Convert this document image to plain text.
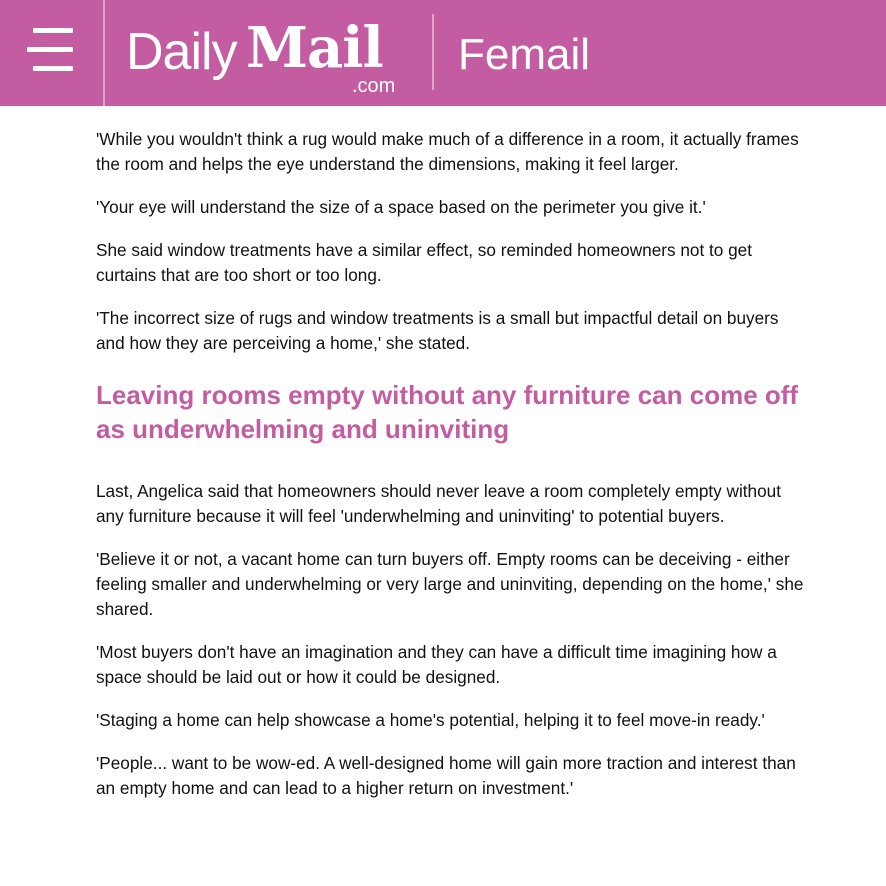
Daily Mail
.com
Femail

'While you wouldn't think a rug would make much of a difference in a room, it actually frames the room and helps the eye understand the dimensions, making it feel larger.

'Your eye will understand the size of a space based on the perimeter you give it.'

She said window treatments have a similar effect, so reminded homeowners not to get curtains that are too short or too long.

'The incorrect size of rugs and window treatments is a small but impactful detail on buyers and how they are perceiving a home,' she stated.

Leaving rooms empty without any furniture can come off as underwhelming and uninviting

Last, Angelica said that homeowners should never leave a room completely empty without any furniture because it will feel 'underwhelming and uninviting' to potential buyers.

'Believe it or not, a vacant home can turn buyers off. Empty rooms can be deceiving - either feeling smaller and underwhelming or very large and uninviting, depending on the home,' she shared.

'Most buyers don't have an imagination and they can have a difficult time imagining how a space should be laid out or how it could be designed.

'Staging a home can help showcase a home's potential, helping it to feel move-in ready.'

'People... want to be wow-ed. A well-designed home will gain more traction and interest than an empty home and can lead to a higher return on investment.'
